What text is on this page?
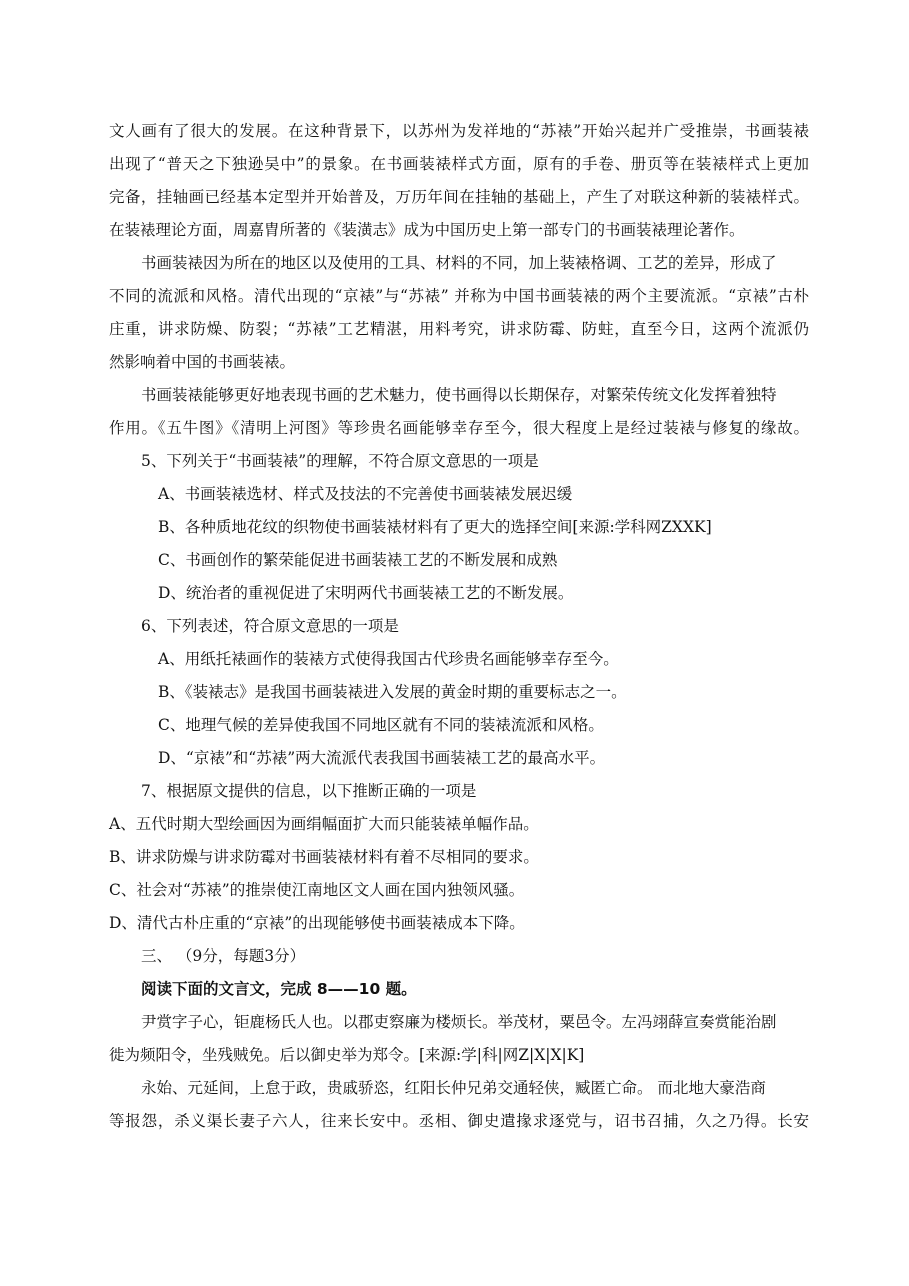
文人画有了很大的发展。在这种背景下，以苏州为发祥地的“苏裱”开始兴起并广受推崇，书画装裱
出现了“普天之下独逊吴中”的景象。在书画装裱样式方面，原有的手卷、册页等在装裱样式上更加
完备，挂轴画已经基本定型并开始普及，万历年间在挂轴的基础上，产生了对联这种新的装裱样式。
在装裱理论方面，周嘉胄所著的《装潢志》成为中国历史上第一部专门的书画装裱理论著作。
书画装裱因为所在的地区以及使用的工具、材料的不同，加上装裱格调、工艺的差异，形成了
不同的流派和风格。清代出现的“京裱”与“苏裱” 并称为中国书画装裱的两个主要流派。“京裱”古朴
庄重，讲求防燥、防裂；“苏裱”工艺精湛，用料考究，讲求防霉、防蛀，直至今日，这两个流派仍
然影响着中国的书画装裱。
书画装裱能够更好地表现书画的艺术魅力，使书画得以长期保存，对繁荣传统文化发挥着独特
作用。《五牛图》《清明上河图》等珍贵名画能够幸存至今，很大程度上是经过装裱与修复的缘故。
5、下列关于“书画装裱”的理解，不符合原文意思的一项是
A、书画装裱选材、样式及技法的不完善使书画装裱发展迟缓
B、各种质地花纹的织物使书画装裱材料有了更大的选择空间[来源:学科网ZXXK]
C、书画创作的繁荣能促进书画装裱工艺的不断发展和成熟
D、统治者的重视促进了宋明两代书画装裱工艺的不断发展。
6、下列表述，符合原文意思的一项是
A、用纸托裱画作的装裱方式使得我国古代珍贵名画能够幸存至今。
B、《装裱志》是我国书画装裱进入发展的黄金时期的重要标志之一。
C、地理气候的差异使我国不同地区就有不同的装裱流派和风格。
D、“京裱”和“苏裱”两大流派代表我国书画装裱工艺的最高水平。
7、根据原文提供的信息，以下推断正确的一项是
A、五代时期大型绘画因为画绢幅面扩大而只能装裱单幅作品。
B、讲求防燥与讲求防霉对书画装裱材料有着不尽相同的要求。
C、社会对“苏裱”的推崇使江南地区文人画在国内独领风骚。
D、清代古朴庄重的“京裱”的出现能够使书画装裱成本下降。
三、 （9分，每题3分）
阅读下面的文言文，完成 8——10 题。
尹赏字子心，钜鹿杨氏人也。以郡吏察廉为楼烦长。举茂材，粟邑令。左冯翊薛宣奏赏能治剧
徙为频阳令，坐残贼免。后以御史举为郑令。[来源:学|科|网Z|X|X|K]
永始、元延间，上怠于政，贵戚骄恣，红阳长仲兄弟交通轻侠，臧匿亡命。 而北地大豪浩商
等报怨，杀义渠长妻子六人，往来长安中。丞相、御史遣掾求逐党与，诏书召捕，久之乃得。长安
